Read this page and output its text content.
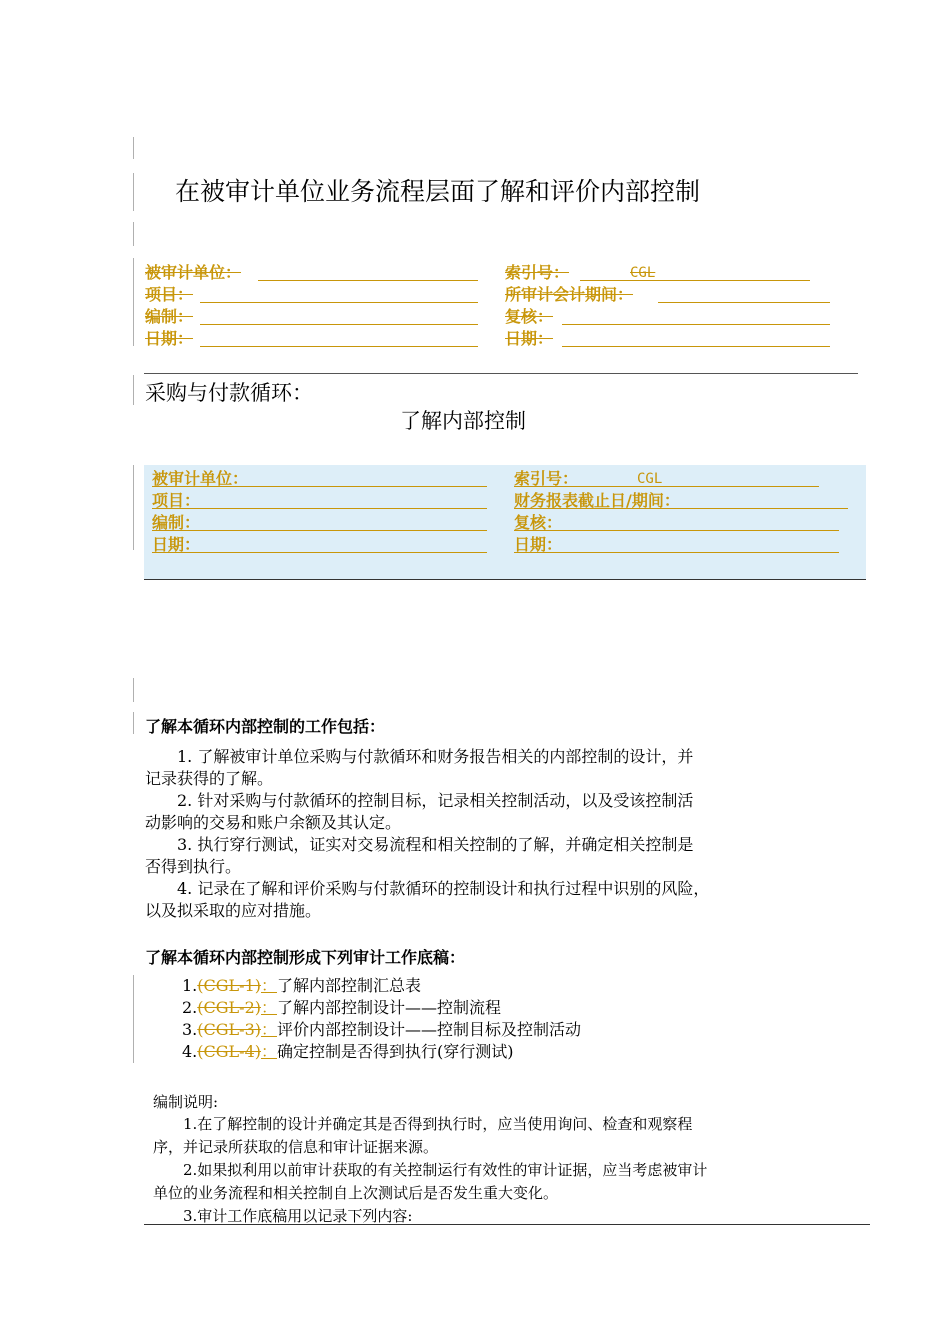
在被审计单位业务流程层面了解和评价内部控制
被审计单位：	索引号：	CGL
项目：	所审计会计期间：
编制：	复核：
日期：	日期：
采购与付款循环：
了解内部控制
被审计单位：	索引号：	CGL
项目：	财务报表截止日/期间：
编制：	复核：
日期：	日期：
了解本循环内部控制的工作包括：
　　1. 了解被审计单位采购与付款循环和财务报告相关的内部控制的设计，并
记录获得的了解。
　　2. 针对采购与付款循环的控制目标，记录相关控制活动，以及受该控制活
动影响的交易和账户余额及其认定。
　　3. 执行穿行测试，证实对交易流程和相关控制的了解，并确定相关控制是
否得到执行。
　　4. 记录在了解和评价采购与付款循环的控制设计和执行过程中识别的风险，
以及拟采取的应对措施。
了解本循环内部控制形成下列审计工作底稿：
1.(CGL-1)：了解内部控制汇总表
2.(CGL-2)：了解内部控制设计——控制流程
3.(CGL-3)：评价内部控制设计——控制目标及控制活动
4.(CGL-4)：确定控制是否得到执行(穿行测试)
编制说明:
　　1.在了解控制的设计并确定其是否得到执行时，应当使用询问、检查和观察程
序，并记录所获取的信息和审计证据来源。
　　2.如果拟利用以前审计获取的有关控制运行有效性的审计证据，应当考虑被审计
单位的业务流程和相关控制自上次测试后是否发生重大变化。
　　3.审计工作底稿用以记录下列内容:
